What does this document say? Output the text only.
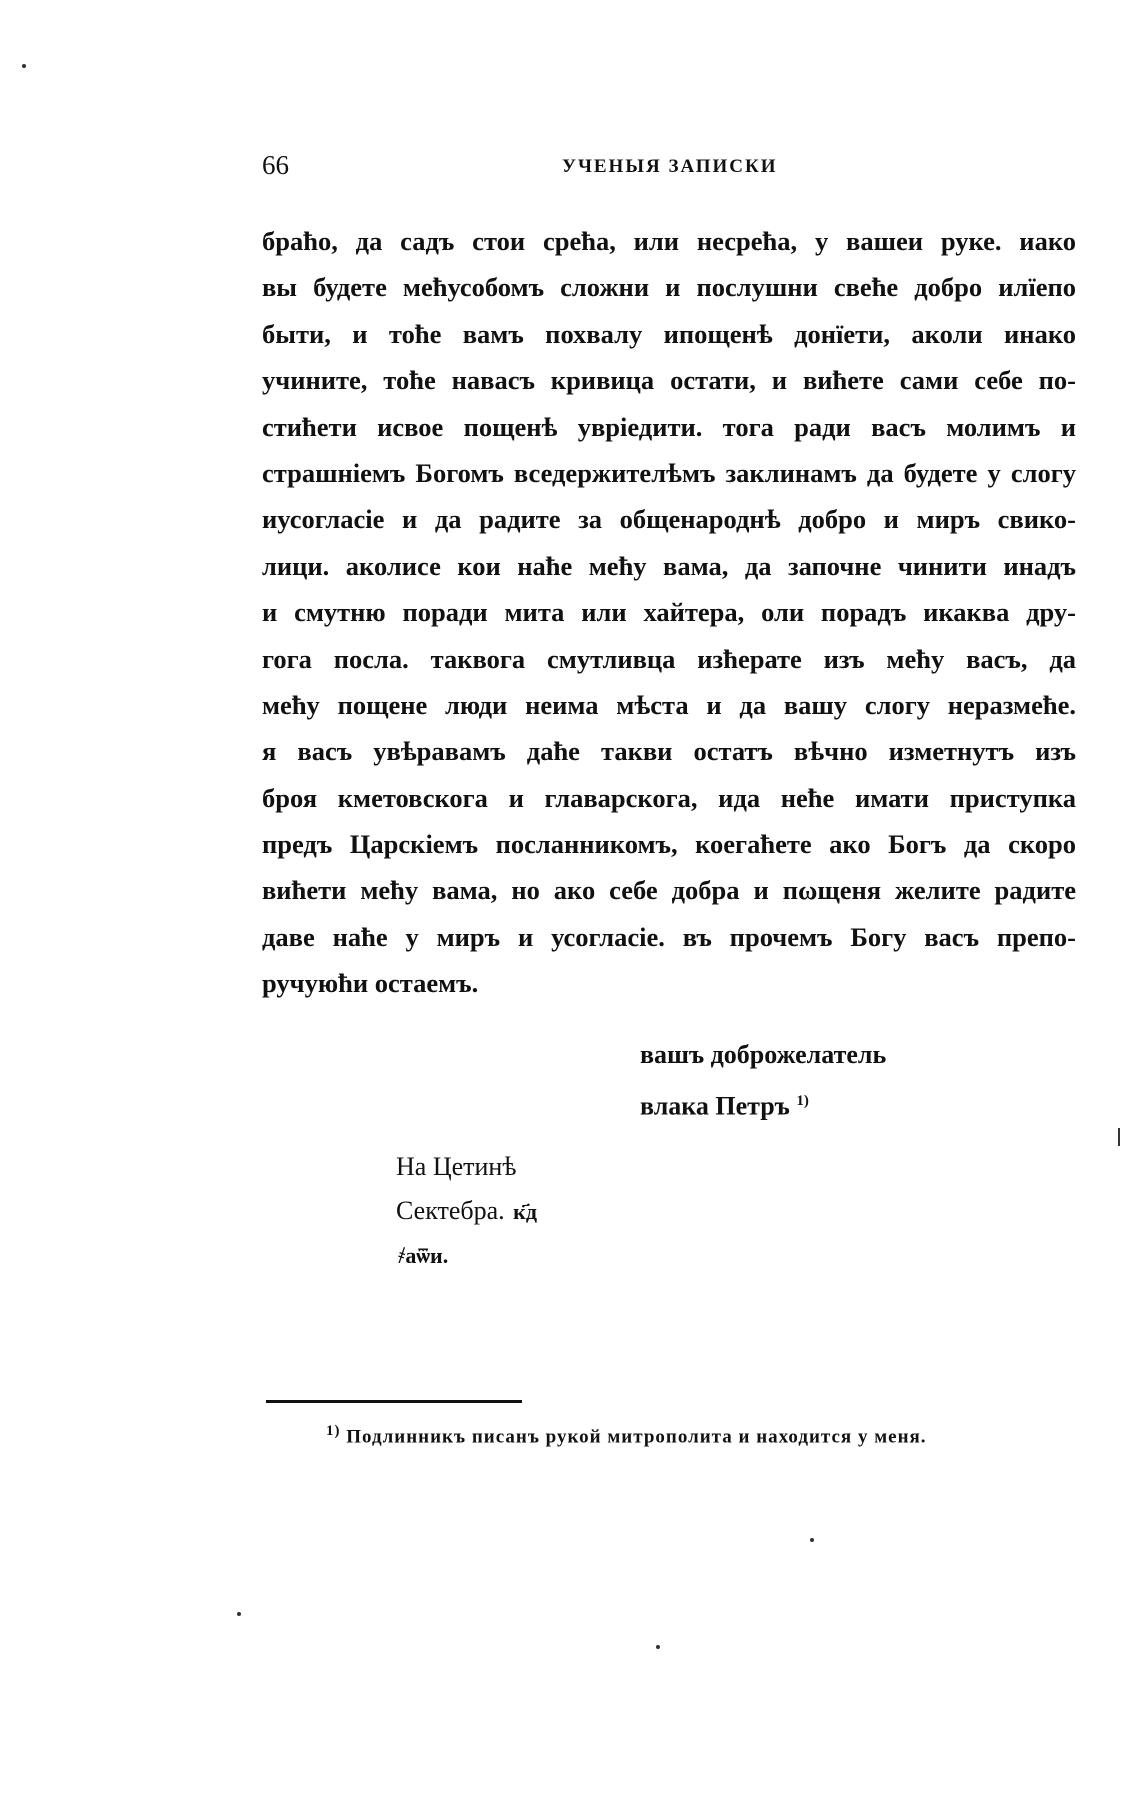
66	УЧЕНЫЯ ЗАПИСКИ
браћо, да садъ стои среħа, или несреħа, у вашеи руке. иако
вы будете меħусобомъ сложни и послушни свеħе добро илїепо
быти, и тоħе вамъ похвалу ипощенѣ донїети, аколи инако
учините, тоħе навасъ кривица остати, и виħете сами себе по-
стиħети исвое пощенѣ увріедити. тога ради васъ молимъ и
страшніемъ Богомъ вседержителѣмъ заклинамъ да будете у слогу
иусогласіе и да радите за общенароднѣ добро и миръ свико-
лици. аколисе кои наħе меħу вама, да започне чинити инадъ
и смутню поради мита или хайтера, оли порадъ икаква дру-
гога посла. таквога смутливца изħерате изъ меħу васъ, да
меħу пощене люди неима мѣста и да вашу слогу неразмеħе.
я васъ увѣравамъ даħе такви остатъ вѣчно изметнутъ изъ
броя кметовскога и главарскога, ида неħе имати приступка
предъ Царскіемъ посланникомъ, коегаħете ако Богъ да скоро
виħети меħу вама, но ако себе добра и пωщеня желите радите
даве наħе у миръ и усогласіе. въ прочемъ Богу васъ препо-
ручуюħи остаемъ.
вашъ доброжелатель
влака Петръ $^{1)}$
На Цетинѣ
Сектебра. к҃д
҂аѿи.
$^{1)}$ Подлинникъ писанъ рукой митрополита и находится у меня.
